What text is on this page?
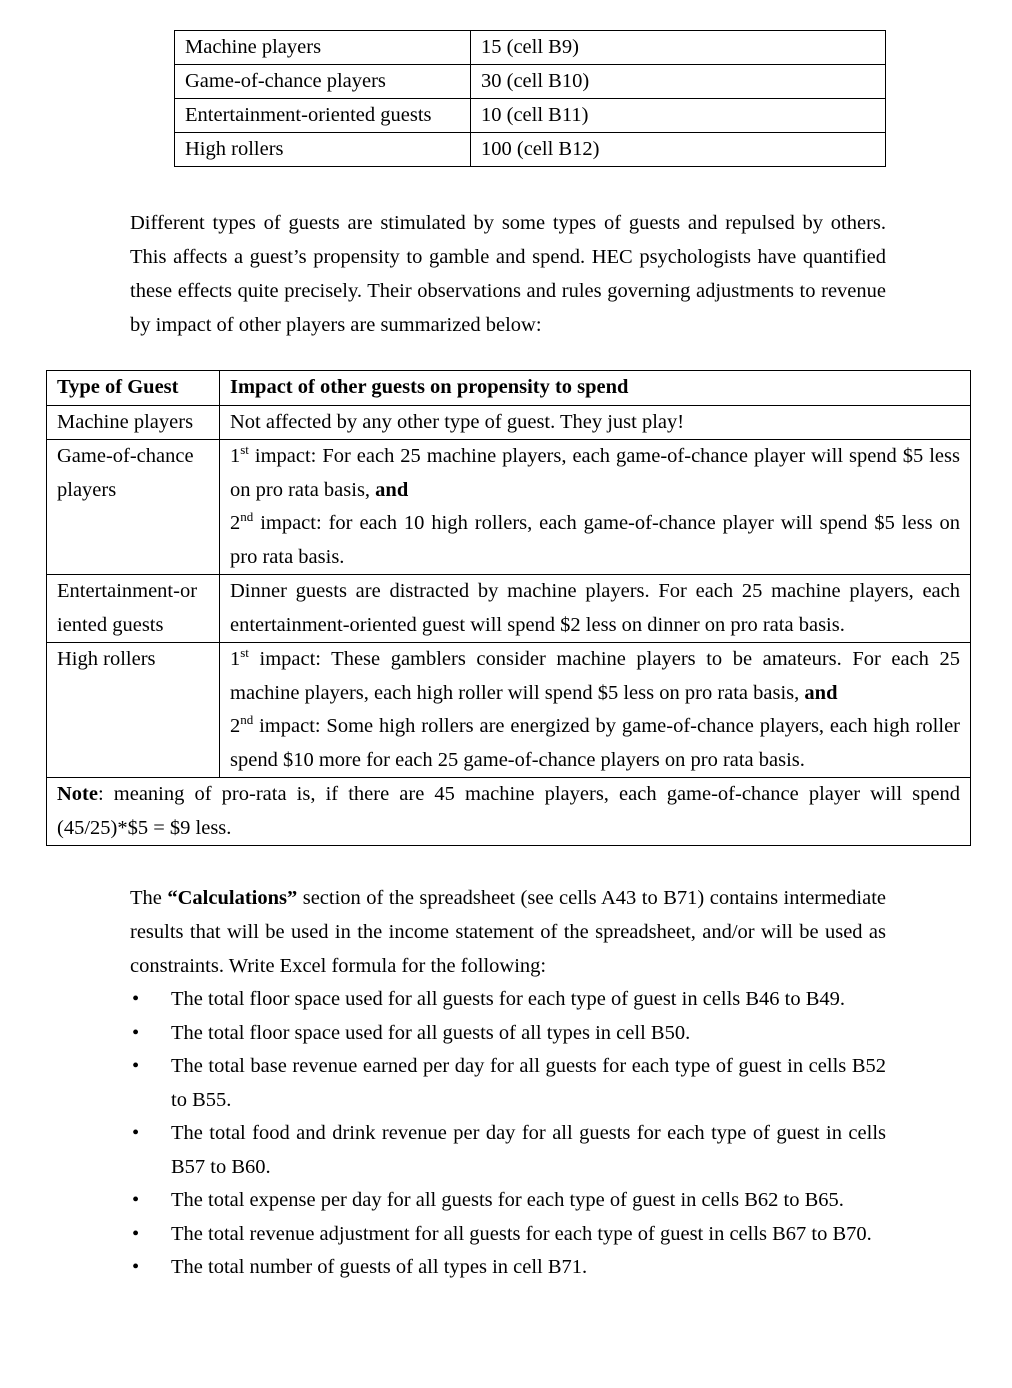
Machine players	15 (cell B9)
Game-of-chance players	30 (cell B10)
Entertainment-oriented guests	10 (cell B11)
High rollers	100 (cell B12)

Different types of guests are stimulated by some types of guests and repulsed by others. This affects a guest’s propensity to gamble and spend. HEC psychologists have quantified these effects quite precisely. Their observations and rules governing adjustments to revenue by impact of other players are summarized below:

Type of Guest	Impact of other guests on propensity to spend
Machine players	Not affected by any other type of guest. They just play!
Game-of-chance players	1st impact: For each 25 machine players, each game-of-chance player will spend $5 less on pro rata basis, and
2nd impact: for each 10 high rollers, each game-of-chance player will spend $5 less on pro rata basis.

Entertainment-or
iented guests	Dinner guests are distracted by machine players. For each 25 machine players, each entertainment-oriented guest will spend $2 less on dinner on pro rata basis.
High rollers	1st impact: These gamblers consider machine players to be amateurs. For each 25 machine players, each high roller will spend $5 less on pro rata basis, and
2nd impact: Some high rollers are energized by game-of-chance players, each high roller spend $10 more for each 25 game-of-chance players on pro rata basis.

Note: meaning of pro-rata is, if there are 45 machine players, each game-of-chance player will spend (45/25)*$5 = $9 less.	

The “Calculations” section of the spreadsheet (see cells A43 to B71) contains intermediate results that will be used in the income statement of the spreadsheet, and/or will be used as constraints. Write Excel formula for the following:

• The total floor space used for all guests for each type of guest in cells B46 to B49.
• The total floor space used for all guests of all types in cell B50.
• The total base revenue earned per day for all guests for each type of guest in cells B52 to B55.
• The total food and drink revenue per day for all guests for each type of guest in cells B57 to B60.
• The total expense per day for all guests for each type of guest in cells B62 to B65.
• The total revenue adjustment for all guests for each type of guest in cells B67 to B70.
• The total number of guests of all types in cell B71.
